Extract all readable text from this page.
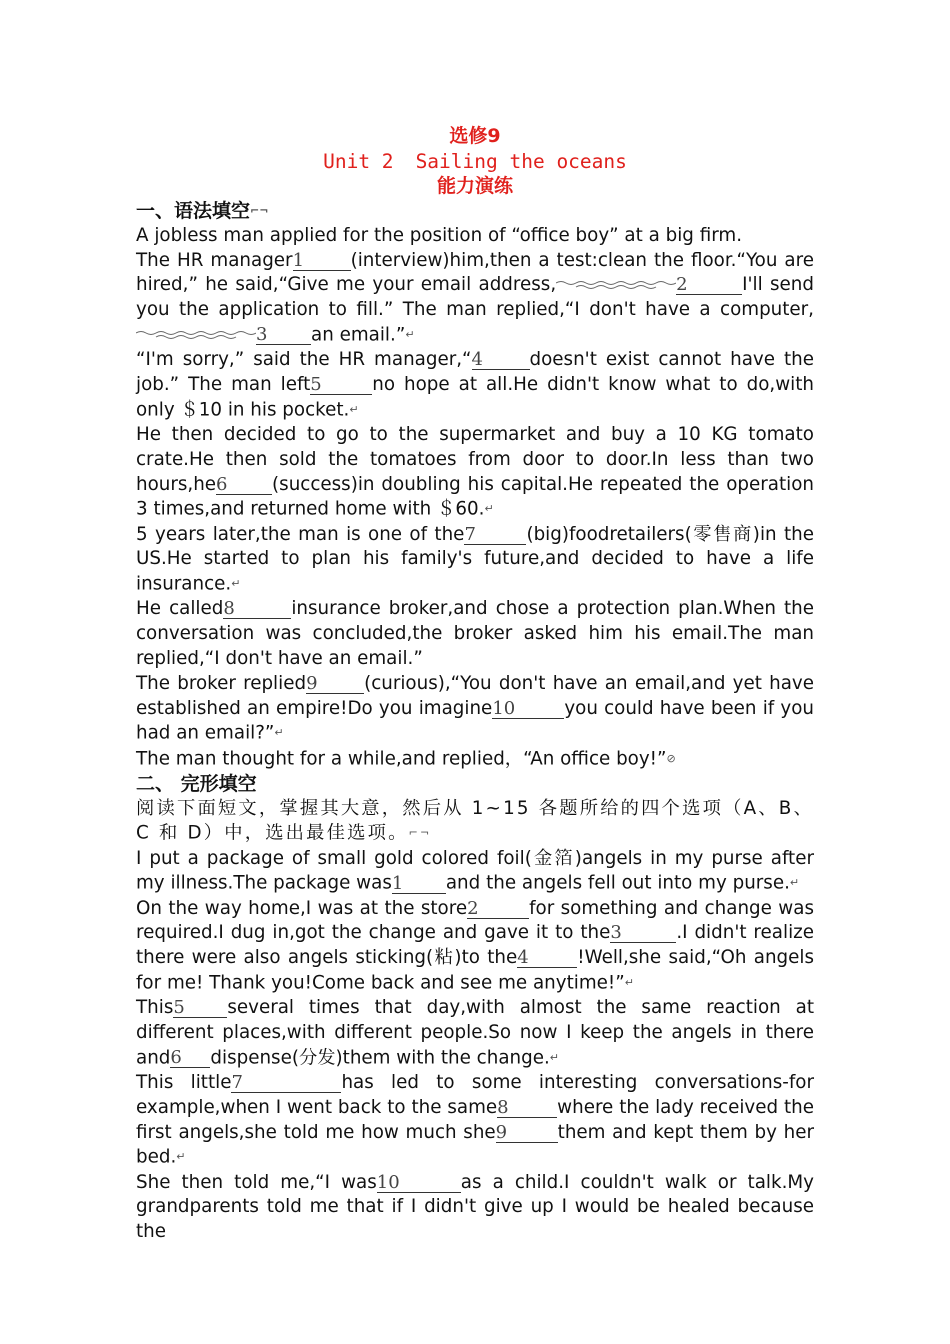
选修9
Unit 2 Sailing the oceans
能力演练
一、语法填空⌐¬

A jobless man applied for the position of “office boy” at a big firm.

The HR manager1	(interview)him,then a test:clean the floor.“You are hired,” he said,“Give me your email address,	2	I'll send you the application to fill.” The man replied,“I don't have a computer,3 an email.”↵

“I'm sorry,” said the HR manager,“4	doesn't exist cannot have the job.” The man left5	no hope at all.He didn't know what to do,with only ＄10 in his pocket.↵

He then decided to go to the supermarket and buy a 10 KG tomato crate.He then sold the tomatoes from door to door.In less than two hours,he6 (success)in doubling his capital.He repeated the operation 3 times,and returned home with ＄60.↵

5 years later,the man is one of the7	(big)foodretailers(零售商)in the US.He started to plan his family's future,and decided to have a life insurance.↵

He called8	insurance broker,and chose a protection plan.When the conversation was concluded,the broker asked him his email.The man replied,“I don't have an email.”

The broker replied9	(curious),“You don't have an email,and yet have established an empire!Do you imagine10	you could have been if you had an email?”↵

The man thought for a while,and replied，“An office boy!”⊘

二、 完形填空

阅读下面短文，掌握其大意，然后从 1~15 各题所给的四个选项（A、B、C 和 D）中，选出最佳选项。⌐¬

I put a package of small gold colored foil(金箔)angels in my purse after my illness.The package was1 and the angels fell out into my purse.↵

On the way home,I was at the store2	for something and change was required.I dug in,got the change and gave it to the3	.I didn't realize there were also angels sticking(粘)to the4	!Well,she said,“Oh angels for me! Thank you!Come back and see me anytime!”↵

This5 several times that day,with almost the same reaction at different places,with different people.So now I keep the angels in there and6 dispense(分发)them with the change.↵

This little7	has led to some interesting conversations-for example,when I went back to the same8	where the lady received the first angels,she told me how much she9	them and kept them by her bed.↵

She then told me,“I was10	as a child.I couldn't walk or talk.My grandparents told me that if I didn't give up I would be healed because the
